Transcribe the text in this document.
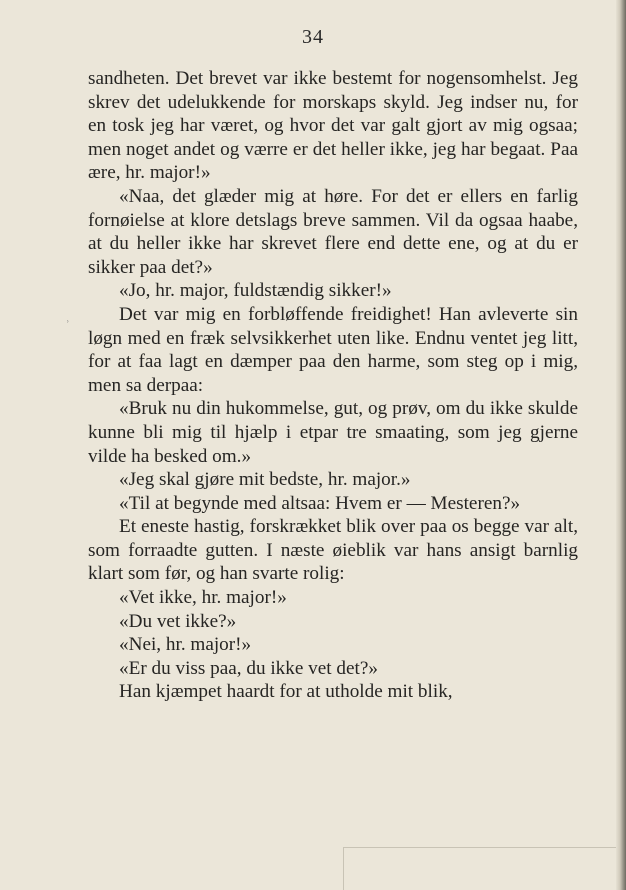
34
⸒

sandheten. Det brevet var ikke bestemt for nogensomhelst. Jeg skrev det udelukkende for morskaps skyld. Jeg indser nu, for en tosk jeg har været, og hvor det var galt gjort av mig ogsaa; men noget andet og værre er det heller ikke, jeg har begaat. Paa ære, hr. major!»

«Naa, det glæder mig at høre. For det er ellers en farlig fornøielse at klore detslags breve sammen. Vil da ogsaa haabe, at du heller ikke har skrevet flere end dette ene, og at du er sikker paa det?»

«Jo, hr. major, fuldstændig sikker!»

Det var mig en forbløffende freidighet! Han avleverte sin løgn med en fræk selvsikkerhet uten like. Endnu ventet jeg litt, for at faa lagt en dæmper paa den harme, som steg op i mig, men sa derpaa:

«Bruk nu din hukommelse, gut, og prøv, om du ikke skulde kunne bli mig til hjælp i etpar tre smaating, som jeg gjerne vilde ha besked om.»

«Jeg skal gjøre mit bedste, hr. major.»

«Til at begynde med altsaa: Hvem er — Mesteren?»

Et eneste hastig, forskrækket blik over paa os begge var alt, som forraadte gutten. I næste øieblik var hans ansigt barnlig klart som før, og han svarte rolig:

«Vet ikke, hr. major!»

«Du vet ikke?»

«Nei, hr. major!»

«Er du viss paa, du ikke vet det?»

Han kjæmpet haardt for at utholde mit blik,
